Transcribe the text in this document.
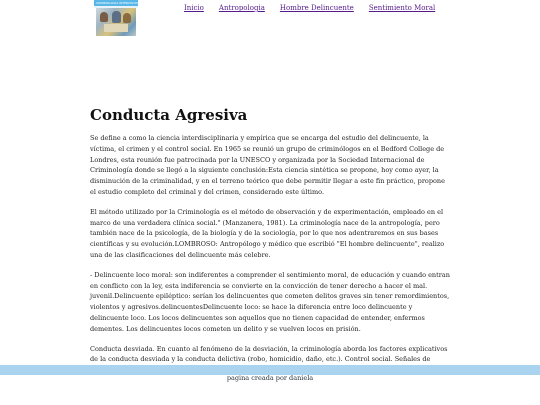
CRIMINOLOGIA INTERDISCIPLINARIA Y EMPIRICA
Inicio Antropologia Hombre Delincuente Sentimiento Moral
Conducta Agresiva

Se define a como la ciencia interdisciplinaria y empírica que se encarga del estudio del delincuente, la víctima, el crimen y el control social. En 1965 se reunió un grupo de criminólogos en el Bedford College de Londres, esta reunión fue patrocinada por la UNESCO y organizada por la Sociedad Internacional de Criminología donde se llegó a la siguiente conclusión:Esta ciencia sintética se propone, hoy como ayer, la disminución de la criminalidad, y en el terreno teórico que debe permitir llegar a este fin práctico, propone el estudio completo del criminal y del crimen, considerado este último.

El método utilizado por la Criminología es el método de observación y de experimentación, empleado en el marco de una verdadera clínica social." (Manzanera, 1981). La criminología nace de la antropología, pero también nace de la psicología, de la biología y de la sociología, por lo que nos adentraremos en sus bases científicas y su evolución.LOMBROSO: Antropólogo y médico que escribió "El hombre delincuente", realizo una de las clasificaciones del delincuente más celebre.

- Delincuente loco moral: son indiferentes a comprender el sentimiento moral, de educación y cuando entran en conflicto con la ley, esta indiferencia se convierte en la convicción de tener derecho a hacer el mal. juvenil.Delincuente epiléptico: serían los delincuentes que cometen delitos graves sin tener remordimientos, violentos y agresivos.delincuentesDelincuente loco: se hace la diferencia entre loco delincuente y delincuente loco. Los locos delincuentes son aquellos que no tienen capacidad de entender, enfermos dementes. Los delincuentes locos cometen un delito y se vuelven locos en prisión.

Conducta desviada. En cuanto al fenómeno de la desviación, la criminología aborda los factores explicativos de la conducta desviada y la conducta delictiva (robo, homicidio, daño, etc.). Control social. Señales de

pagina creada por daniela
